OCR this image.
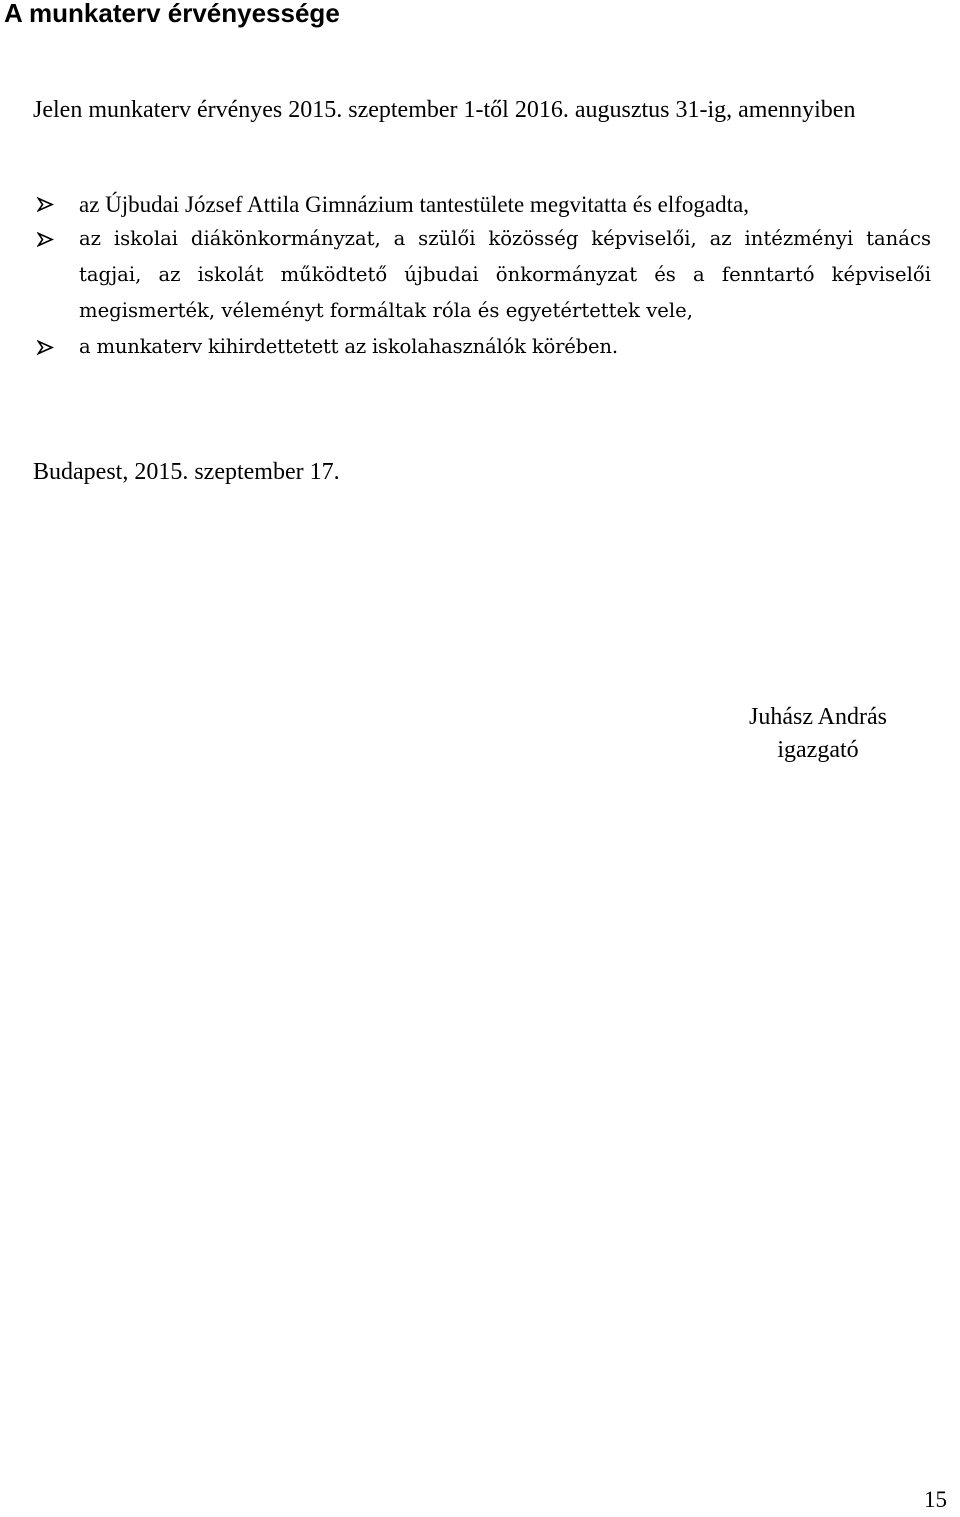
A munkaterv érvényessége

Jelen munkaterv érvényes 2015. szeptember 1-től 2016. augusztus 31-ig, amennyiben

az Újbudai József Attila Gimnázium tantestülete megvitatta és elfogadta,
az iskolai diákönkormányzat, a szülői közösség képviselői, az intézményi tanács tagjai, az iskolát működtető újbudai önkormányzat és a fenntartó képviselői megismerték, véleményt formáltak róla és egyetértettek vele,
a munkaterv kihirdettetett az iskolahasználók körében.

Budapest, 2015. szeptember 17.

Juhász András
igazgató
15
